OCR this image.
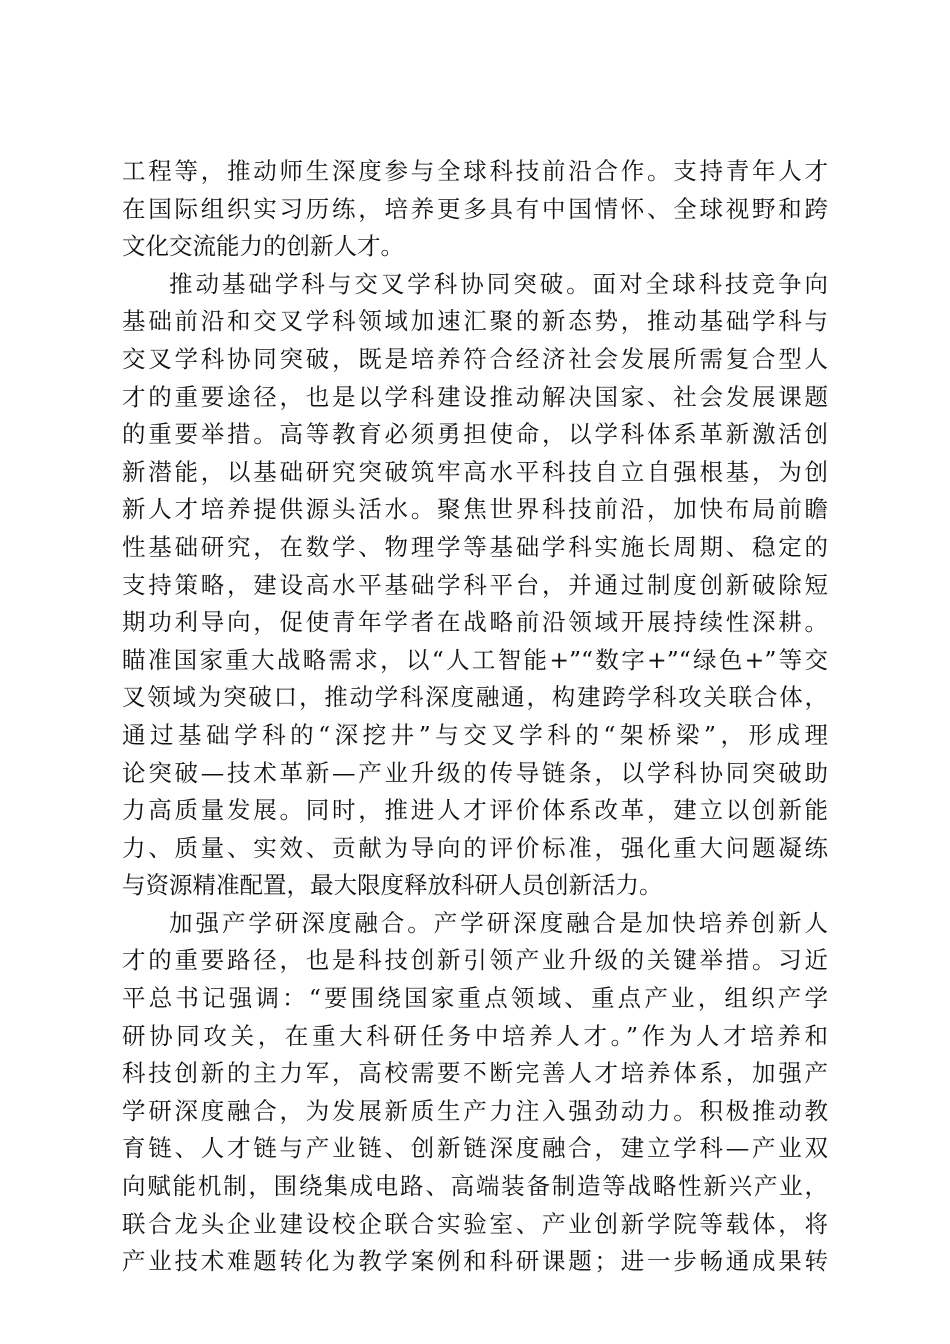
工程等，推动师生深度参与全球科技前沿合作。支持青年人才
在国际组织实习历练，培养更多具有中国情怀、全球视野和跨
文化交流能力的创新人才。
推动基础学科与交叉学科协同突破。面对全球科技竞争向
基础前沿和交叉学科领域加速汇聚的新态势，推动基础学科与
交叉学科协同突破，既是培养符合经济社会发展所需复合型人
才的重要途径，也是以学科建设推动解决国家、社会发展课题
的重要举措。高等教育必须勇担使命，以学科体系革新激活创
新潜能，以基础研究突破筑牢高水平科技自立自强根基，为创
新人才培养提供源头活水。聚焦世界科技前沿，加快布局前瞻
性基础研究，在数学、物理学等基础学科实施长周期、稳定的
支持策略，建设高水平基础学科平台，并通过制度创新破除短
期功利导向，促使青年学者在战略前沿领域开展持续性深耕。
瞄准国家重大战略需求，以“人工智能+”“数字+”“绿色+”等交
叉领域为突破口，推动学科深度融通，构建跨学科攻关联合体，
通过基础学科的“深挖井”与交叉学科的“架桥梁”，形成理
论突破—技术革新—产业升级的传导链条，以学科协同突破助
力高质量发展。同时，推进人才评价体系改革，建立以创新能
力、质量、实效、贡献为导向的评价标准，强化重大问题凝练
与资源精准配置，最大限度释放科研人员创新活力。
加强产学研深度融合。产学研深度融合是加快培养创新人
才的重要路径，也是科技创新引领产业升级的关键举措。习近
平总书记强调：“要围绕国家重点领域、重点产业，组织产学
研协同攻关，在重大科研任务中培养人才。”作为人才培养和
科技创新的主力军，高校需要不断完善人才培养体系，加强产
学研深度融合，为发展新质生产力注入强劲动力。积极推动教
育链、人才链与产业链、创新链深度融合，建立学科—产业双
向赋能机制，围绕集成电路、高端装备制造等战略性新兴产业，
联合龙头企业建设校企联合实验室、产业创新学院等载体，将
产业技术难题转化为教学案例和科研课题；进一步畅通成果转
